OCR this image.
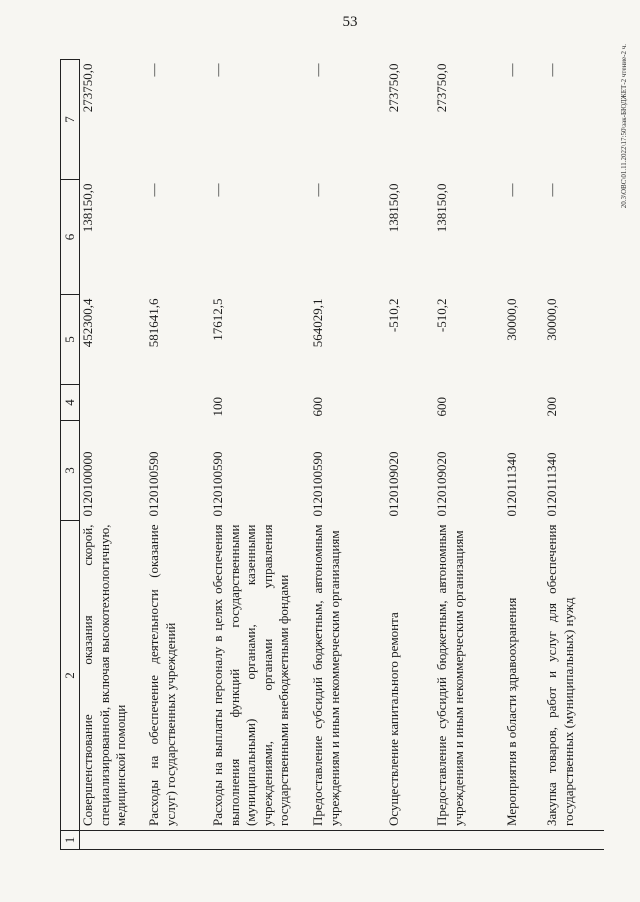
53
20.3\ОВС\01.11.2022\17:50\зак-БЮДЖЕТ-2 чтение-2 ч.
1	2	3	4	5	6	7
	Совершенствование оказания скорой, специализированной, включая высокотехнологичную, медицинской помощи	0120100000		452300,4	138150,0	273750,0
	Расходы на обеспечение деятельности (оказание услуг) государственных учреждений	0120100590		581641,6	—	—
	Расходы на выплаты персоналу в целях обеспечения выполнения функций государственными (муниципальными) органами, казенными учреждениями, органами управления государственными внебюджетными фондами	0120100590	100	17612,5	—	—
	Предоставление субсидий бюджетным, автономным учреждениям и иным некоммерческим организациям	0120100590	600	564029,1	—	—
	Осуществление капитального ремонта	0120109020		-510,2	138150,0	273750,0
	Предоставление субсидий бюджетным, автономным учреждениям и иным некоммерческим организациям	0120109020	600	-510,2	138150,0	273750,0
	Мероприятия в области здравоохранения	0120111340		30000,0	—	—
	Закупка товаров, работ и услуг для обеспечения государственных (муниципальных) нужд	0120111340	200	30000,0	—	—
